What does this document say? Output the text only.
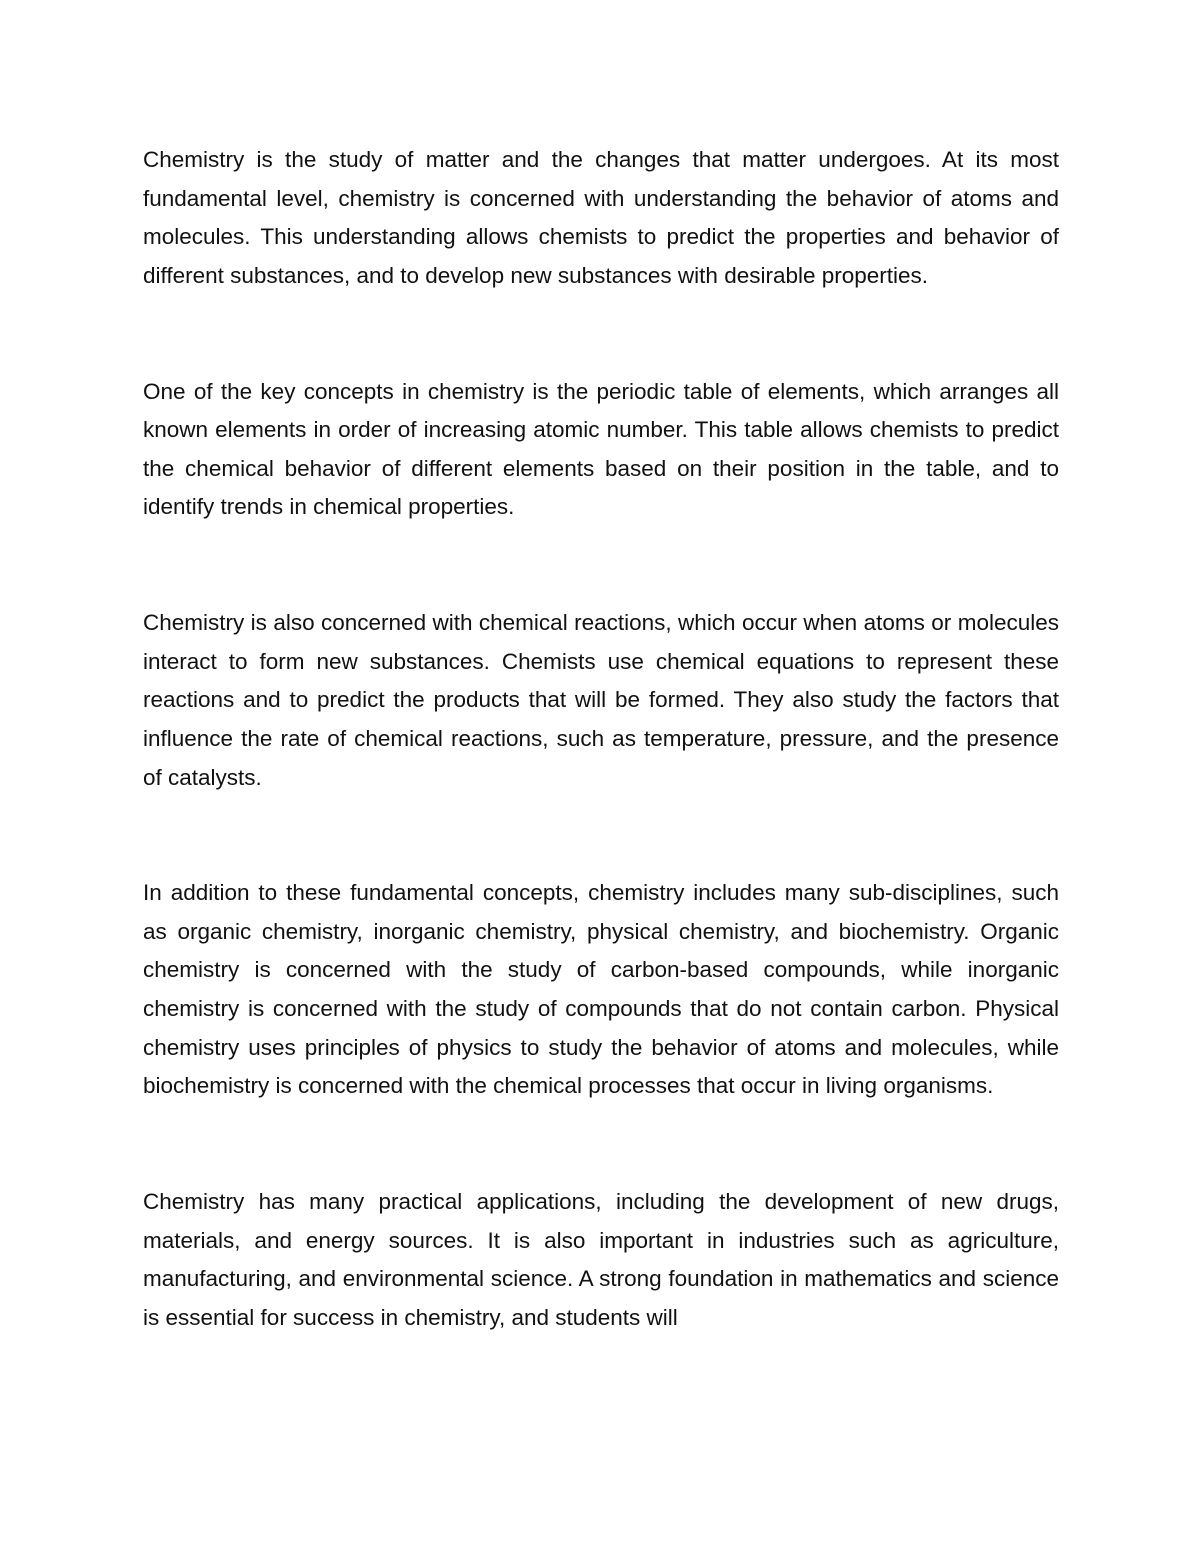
Chemistry is the study of matter and the changes that matter undergoes. At its most fundamental level, chemistry is concerned with understanding the behavior of atoms and molecules. This understanding allows chemists to predict the properties and behavior of different substances, and to develop new substances with desirable properties.

One of the key concepts in chemistry is the periodic table of elements, which arranges all known elements in order of increasing atomic number. This table allows chemists to predict the chemical behavior of different elements based on their position in the table, and to identify trends in chemical properties.

Chemistry is also concerned with chemical reactions, which occur when atoms or molecules interact to form new substances. Chemists use chemical equations to represent these reactions and to predict the products that will be formed. They also study the factors that influence the rate of chemical reactions, such as temperature, pressure, and the presence of catalysts.

In addition to these fundamental concepts, chemistry includes many sub-disciplines, such as organic chemistry, inorganic chemistry, physical chemistry, and biochemistry. Organic chemistry is concerned with the study of carbon-based compounds, while inorganic chemistry is concerned with the study of compounds that do not contain carbon. Physical chemistry uses principles of physics to study the behavior of atoms and molecules, while biochemistry is concerned with the chemical processes that occur in living organisms.

Chemistry has many practical applications, including the development of new drugs, materials, and energy sources. It is also important in industries such as agriculture, manufacturing, and environmental science. A strong foundation in mathematics and science is essential for success in chemistry, and students will
